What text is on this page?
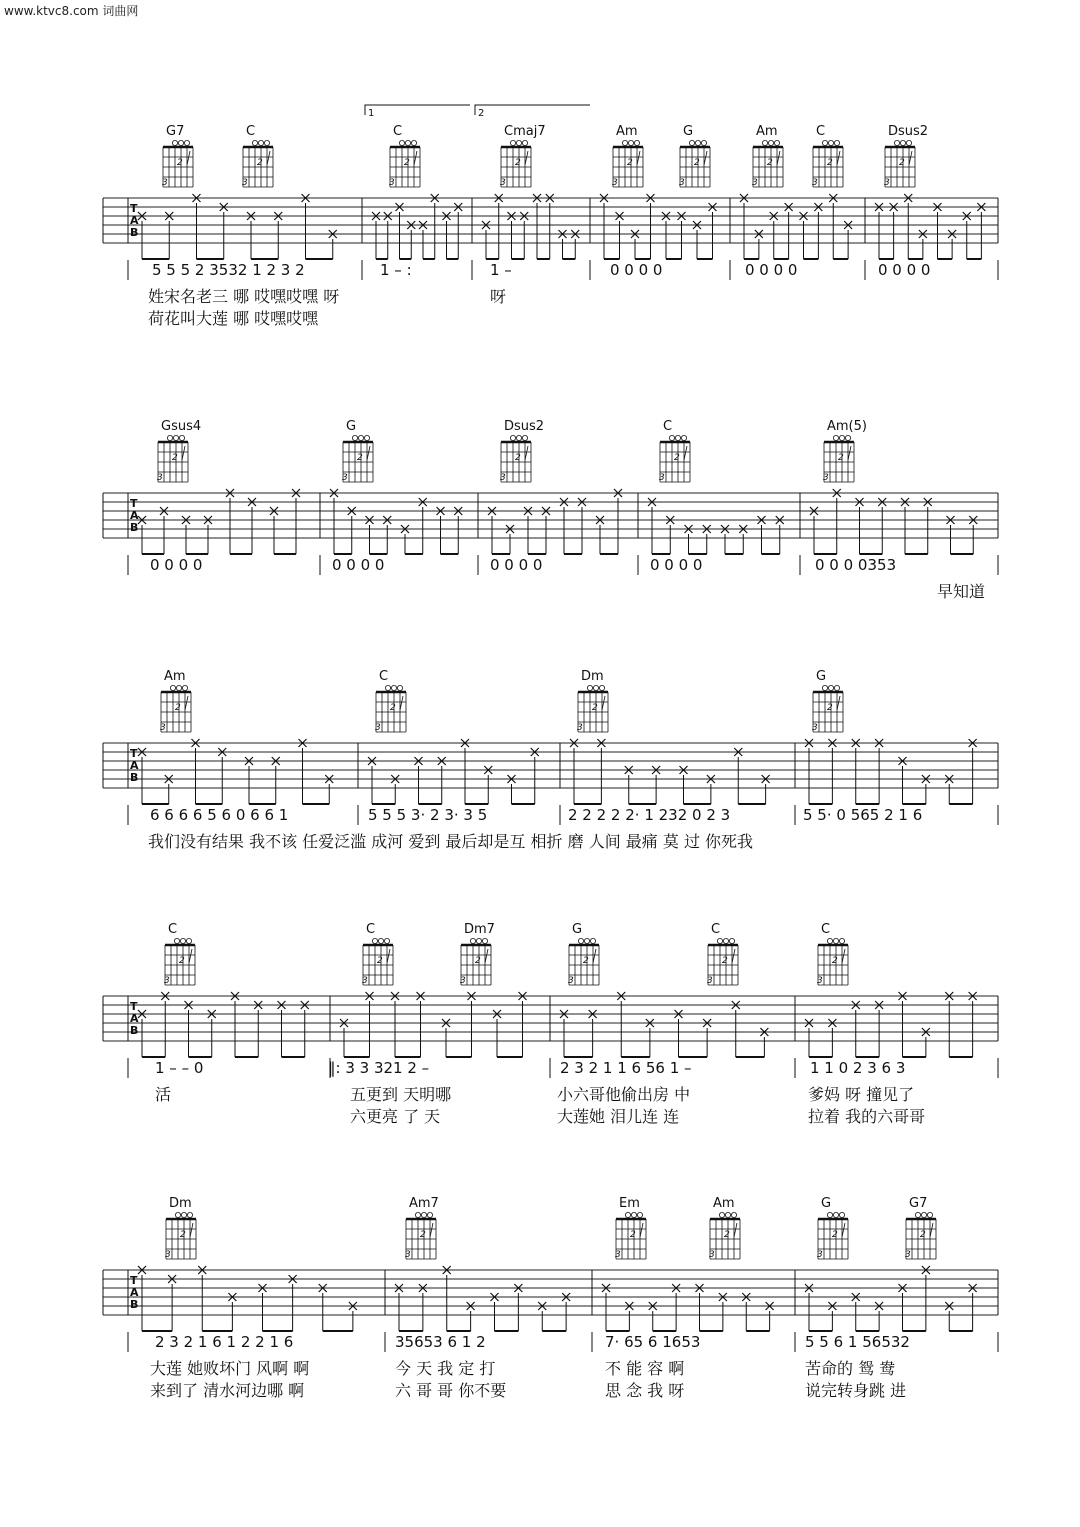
www.ktvc8.com 词曲网
G7
2
3
C
2
3
C
2
3
Cmaj7
2
3
Am
2
3
G
2
3
Am
2
3
C
2
3
Dsus2
2
3
T
A
B
5 5 5 2 3532 1 2 3 2	1 – :	1 –	0 0 0 0	0 0 0 0	0 0 0 0
姓宋名老三 哪 哎嘿哎嘿 呀	呀
荷花叫大莲 哪 哎嘿哎嘿
1	2
Gsus4
2
3
G
2
3
Dsus2
2
3
C
2
3
Am(5)
2
3
T
A
B
0 0 0 0	0 0 0 0	0 0 0 0	0 0 0 0	0 0 0 0353
早知道
Am
2
3
C
2
3
Dm
2
3
G
2
3
T
A
B
6 6 6 6 5 6 0 6 6 1	5 5 5 3· 2 3· 3 5	2 2 2 2 2· 1 232 0 2 3	5 5· 0 565 2 1 6
我们没有结果 我不该 任爱泛滥 成河 爱到 最后却是互 相折 磨 人间 最痛 莫 过 你死我
C
2
3
C
2
3
Dm7
2
3
G
2
3
C
2
3
C
2
3
T
A
B
1 – – 0	‖: 3 3 321 2 –	2 3 2 1 1 6 56 1 –	1 1 0 2 3 6 3
活	五更到 天明哪	小六哥他偷出房 中	爹妈 呀 撞见了
六更亮 了 天	大莲她 泪儿连 连	拉着 我的六哥哥
Dm
2
3
Am7
2
3
Em
2
3
Am
2
3
G
2
3
G7
2
3
T
A
B
2 3 2 1 6 1 2 2 1 6	35653 6 1 2	7· 65 6 1653	5 5 6 1 56532
大莲 她败坏门 风啊 啊	今 天 我 定 打	不 能 容 啊	苦命的 鸳 鸯
来到了 清水河边哪 啊	六 哥 哥 你不要	思 念 我 呀	说完转身跳 进
